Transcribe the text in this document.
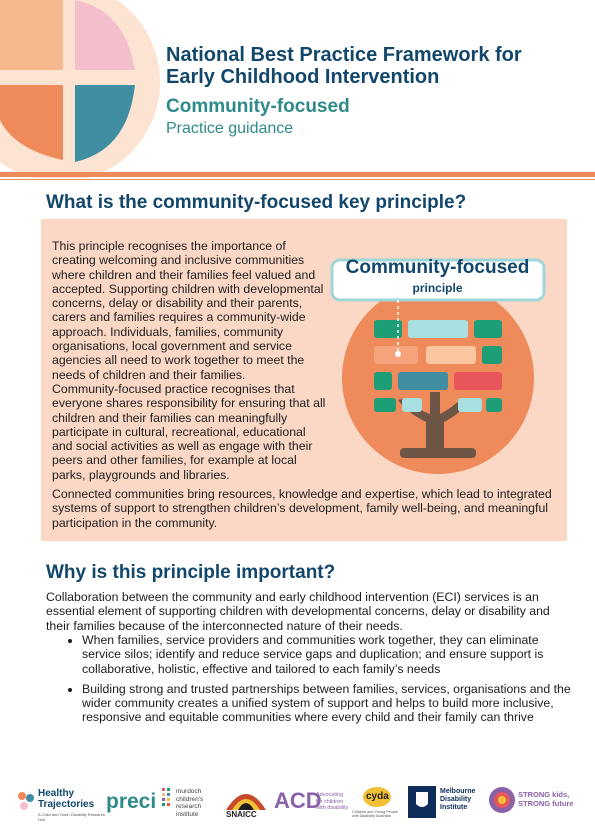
National Best Practice Framework for
Early Childhood Intervention
Community-focused
Practice guidance
What is the community-focused key principle?

This principle recognises the importance of creating welcoming and inclusive communities where children and their families feel valued and accepted. Supporting children with developmental concerns, delay or disability and their parents, carers and families requires a community-wide approach. Individuals, families, community organisations, local government and service agencies all need to work together to meet the needs of children and their families.

Community-focused practice recognises that everyone shares responsibility for ensuring that all children and their families can meaningfully participate in cultural, recreational, educational and social activities as well as engage with their peers and other families, for example at local parks, playgrounds and libraries.

Connected communities bring resources, knowledge and expertise, which lead to integrated systems of support to strengthen children’s development, family well-being, and meaningful participation in the community.

Community-focused
principle
Why is this principle important?

Collaboration between the community and early childhood intervention (ECI) services is an essential element of supporting children with developmental concerns, delay or disability and their families because of the interconnected nature of their needs.

• When families, service providers and communities work together, they can eliminate service silos; identify and reduce service gaps and duplication; and ensure support is collaborative, holistic, effective and tailored to each family’s needs
• Building strong and trusted partnerships between families, services, organisations and the wider community creates a unified system of support and helps to build more inclusive, responsive and equitable communities where every child and their family can thrive
Healthy Trajectories
A Child and Youth Disability Research Hub
preci	murdoch children's research institute	SNAICC
ACD
Advocating for children with disability
cyda
Children and Young People with Disability Australia
Melbourne Disability Institute
STRONG kids,
STRONG future
